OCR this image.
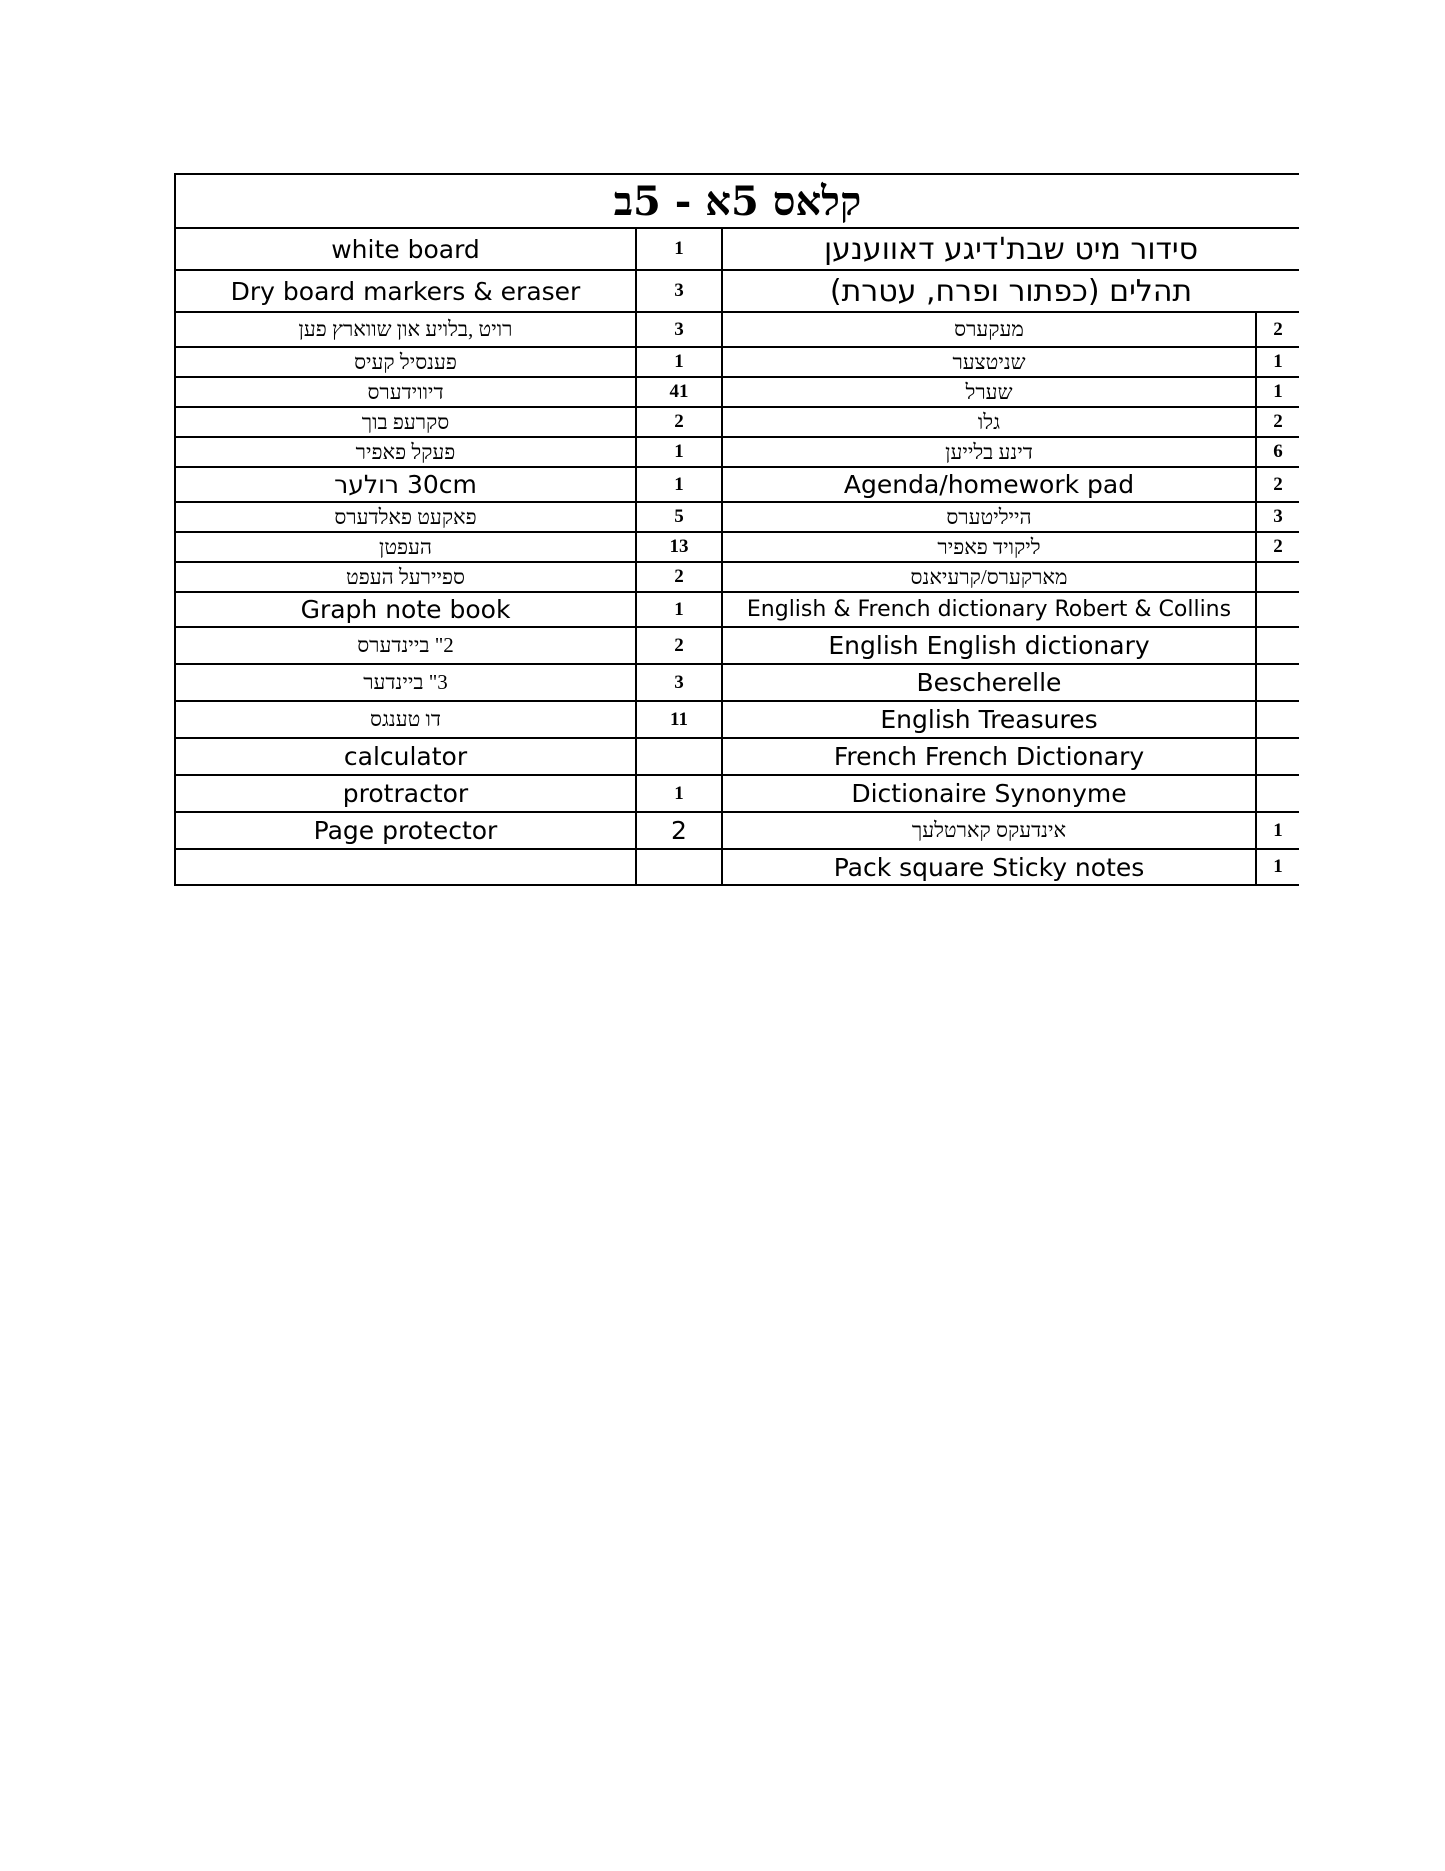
קלאס 5א - 5ב			
white board	1	סידור מיט שבת'דיגע דאווענען	
Dry board markers & eraser	3	תהלים (כפתור ופרח, עטרת)	
רויט ,בלויע און שווארץ פען	3	מעקערס	2
פענסיל קעיס	1	שניטצער	1
דיווידערס	41	שערל	1
סקרעפ בוך	2	גלו	2
פעקל פאפיר	1	דינע בלייען	6
30cm רולער	1	Agenda/homework pad	2
פאקעט פאלדערס	5	הייליטערס	3
העפטן	13	ליקויד פאפיר	2
ספיירעל העפט	2	מארקערס/קרעיאנס	
Graph note book	1	English & French dictionary Robert & Collins	
2" ביינדערס	2	English English dictionary	
3" ביינדער	3	Bescherelle	
דו טענגס	11	English Treasures	
calculator		French French Dictionary	
protractor	1	Dictionaire Synonyme	
Page protector	2	אינדעקס קארטלעך	1
		Pack square Sticky notes	1
